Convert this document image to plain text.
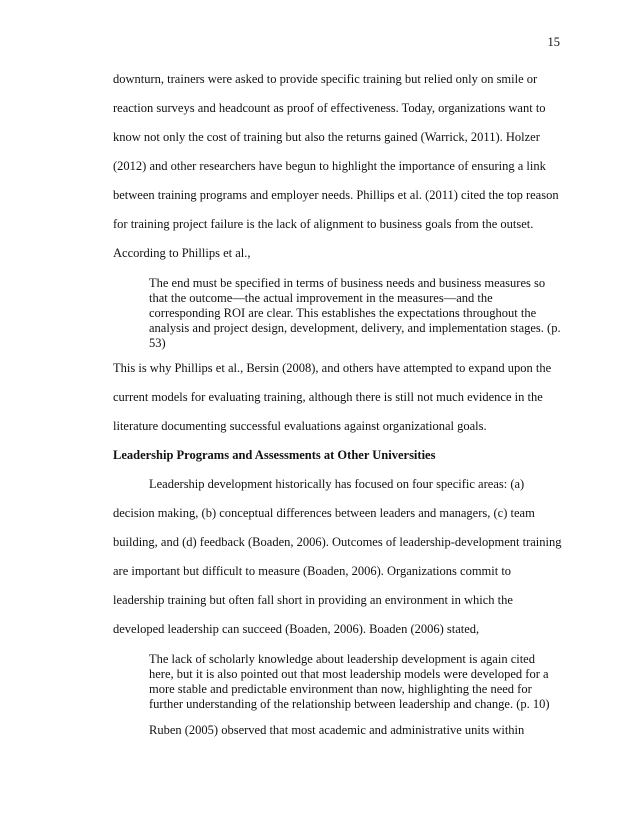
15
downturn, trainers were asked to provide specific training but relied only on smile or
reaction surveys and headcount as proof of effectiveness. Today, organizations want to
know not only the cost of training but also the returns gained (Warrick, 2011). Holzer
(2012) and other researchers have begun to highlight the importance of ensuring a link
between training programs and employer needs. Phillips et al. (2011) cited the top reason
for training project failure is the lack of alignment to business goals from the outset.
According to Phillips et al.,
The end must be specified in terms of business needs and business measures so
that the outcome—the actual improvement in the measures—and the
corresponding ROI are clear. This establishes the expectations throughout the
analysis and project design, development, delivery, and implementation stages. (p.
53)
This is why Phillips et al., Bersin (2008), and others have attempted to expand upon the
current models for evaluating training, although there is still not much evidence in the
literature documenting successful evaluations against organizational goals.
Leadership Programs and Assessments at Other Universities
Leadership development historically has focused on four specific areas: (a)
decision making, (b) conceptual differences between leaders and managers, (c) team
building, and (d) feedback (Boaden, 2006). Outcomes of leadership-development training
are important but difficult to measure (Boaden, 2006). Organizations commit to
leadership training but often fall short in providing an environment in which the
developed leadership can succeed (Boaden, 2006). Boaden (2006) stated,
The lack of scholarly knowledge about leadership development is again cited
here, but it is also pointed out that most leadership models were developed for a
more stable and predictable environment than now, highlighting the need for
further understanding of the relationship between leadership and change. (p. 10)
Ruben (2005) observed that most academic and administrative units within
